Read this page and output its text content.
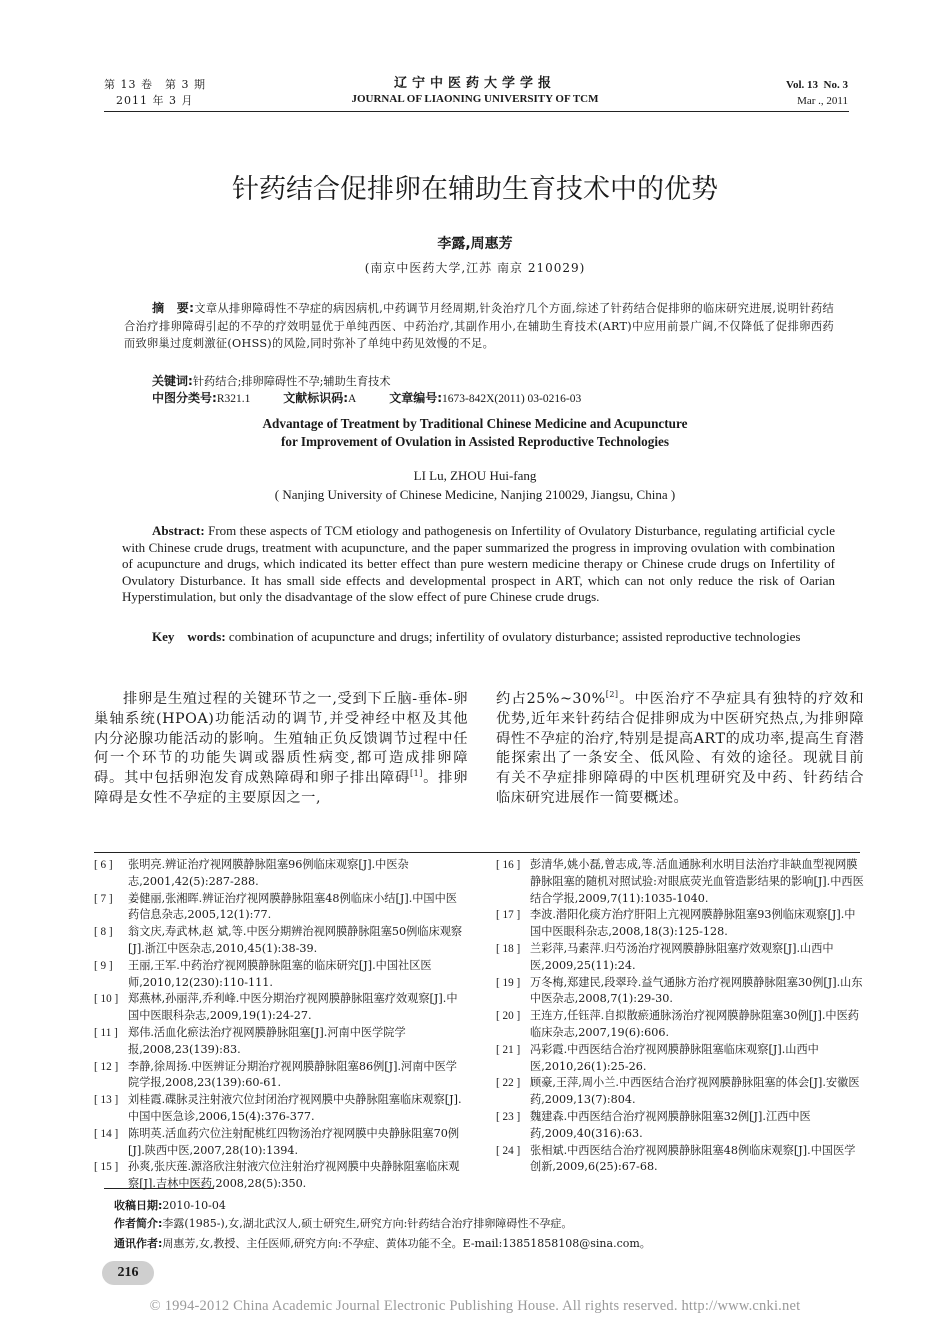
第 13 卷　第 3 期
2011 年 3 月
辽宁中医药大学学报
JOURNAL OF LIAONING UNIVERSITY OF TCM
Vol. 13 No. 3
Mar ., 2011
针药结合促排卵在辅助生育技术中的优势
李露,周惠芳
(南京中医药大学,江苏 南京 210029)
摘　要:文章从排卵障碍性不孕症的病因病机,中药调节月经周期,针灸治疗几个方面,综述了针药结合促排卵的临床研究进展,说明针药结合治疗排卵障碍引起的不孕的疗效明显优于单纯西医、中药治疗,其副作用小,在辅助生育技术(ART)中应用前景广阔,不仅降低了促排卵西药而致卵巢过度刺激征(OHSS)的风险,同时弥补了单纯中药见效慢的不足。
关键词:针药结合;排卵障碍性不孕;辅助生育技术
中图分类号:R321.1	文献标识码:A	文章编号:1673-842X(2011) 03-0216-03
Advantage of Treatment by Traditional Chinese Medicine and Acupuncture
for Improvement of Ovulation in Assisted Reproductive Technologies
LI Lu, ZHOU Hui-fang
( Nanjing University of Chinese Medicine, Nanjing 210029, Jiangsu, China )
Abstract: From these aspects of TCM etiology and pathogenesis on Infertility of Ovulatory Disturbance, regulating artificial cycle with Chinese crude drugs, treatment with acupuncture, and the paper summarized the progress in improving ovulation with combination of acupuncture and drugs, which indicated its better effect than pure western medicine therapy or Chinese crude drugs on Infertility of Ovulatory Disturbance. It has small side effects and developmental prospect in ART, which can not only reduce the risk of Oarian Hyperstimulation, but only the disadvantage of the slow effect of pure Chinese crude drugs.
Key　words: combination of acupuncture and drugs; infertility of ovulatory disturbance; assisted reproductive technologies
排卵是生殖过程的关键环节之一,受到下丘脑-垂体-卵巢轴系统(HPOA)功能活动的调节,并受神经中枢及其他内分泌腺功能活动的影响。生殖轴正负反馈调节过程中任何一个环节的功能失调或器质性病变,都可造成排卵障碍。其中包括卵泡发育成熟障碍和卵子排出障碍[1]。排卵障碍是女性不孕症的主要原因之一,
约占25%~30%[2]。中医治疗不孕症具有独特的疗效和优势,近年来针药结合促排卵成为中医研究热点,为排卵障碍性不孕症的治疗,特别是提高ART的成功率,提高生育潜能探索出了一条安全、低风险、有效的途径。现就目前有关不孕症排卵障碍的中医机理研究及中药、针药结合临床研究进展作一简要概述。
[ 6 ]	张明亮.辨证治疗视网膜静脉阻塞96例临床观察[J].中医杂志,2001,42(5):287-288.
[ 7 ]	姜健丽,张湘晖.辨证治疗视网膜静脉阻塞48例临床小结[J].中国中医药信息杂志,2005,12(1):77.
[ 8 ]	翁文庆,寿武林,赵 斌,等.中医分期辨治视网膜静脉阻塞50例临床观察[J].浙江中医杂志,2010,45(1):38-39.
[ 9 ]	王丽,王军.中药治疗视网膜静脉阻塞的临床研究[J].中国社区医师,2010,12(230):110-111.
[ 10 ] 郑燕林,孙丽萍,乔利峰.中医分期治疗视网膜静脉阻塞疗效观察[J].中国中医眼科杂志,2009,19(1):24-27.
[ 11 ] 郑伟.活血化瘀法治疗视网膜静脉阻塞[J].河南中医学院学报,2008,23(139):83.
[ 12 ] 李静,徐周扬.中医辨证分期治疗视网膜静脉阻塞86例[J].河南中医学院学报,2008,23(139):60-61.
[ 13 ] 刘桂霞.碟脉灵注射液穴位封闭治疗视网膜中央静脉阻塞临床观察[J].中国中医急诊,2006,15(4):376-377.
[ 14 ] 陈明英.活血药穴位注射配桃红四物汤治疗视网膜中央静脉阻塞70例[J].陕西中医,2007,28(10):1394.
[ 15 ] 孙爽,张庆莲.源洛欣注射液穴位注射治疗视网膜中央静脉阻塞临床观察[J].吉林中医药,2008,28(5):350.
[ 16 ] 彭清华,姚小磊,曾志成,等.活血通脉利水明目法治疗非缺血型视网膜静脉阻塞的随机对照试验:对眼底荧光血管造影结果的影响[J].中西医结合学报,2009,7(11):1035-1040.
[ 17 ] 李波.潜阳化痰方治疗肝阳上亢视网膜静脉阻塞93例临床观察[J].中国中医眼科杂志,2008,18(3):125-128.
[ 18 ] 兰彩萍,马素萍.归芍汤治疗视网膜静脉阻塞疗效观察[J].山西中医,2009,25(11):24.
[ 19 ] 万冬梅,郑建民,段翠玲.益气通脉方治疗视网膜静脉阻塞30例[J].山东中医杂志,2008,7(1):29-30.
[ 20 ] 王连方,任钰萍.自拟散瘀通脉汤治疗视网膜静脉阻塞30例[J].中医药临床杂志,2007,19(6):606.
[ 21 ] 冯彩霞.中西医结合治疗视网膜静脉阻塞临床观察[J].山西中医,2010,26(1):25-26.
[ 22 ] 顾豪,王萍,周小兰.中西医结合治疗视网膜静脉阻塞的体会[J].安徽医药,2009,13(7):804.
[ 23 ] 魏建森.中西医结合治疗视网膜静脉阻塞32例[J].江西中医药,2009,40(316):63.
[ 24 ] 张相斌.中西医结合治疗视网膜静脉阻塞48例临床观察[J].中国医学创新,2009,6(25):67-68.
收稿日期:2010-10-04
作者简介:李露(1985-),女,湖北武汉人,硕士研究生,研究方向:针药结合治疗排卵障碍性不孕症。
通讯作者:周惠芳,女,教授、主任医师,研究方向:不孕症、黄体功能不全。E-mail:13851858108@sina.com。
216
© 1994-2012 China Academic Journal Electronic Publishing House. All rights reserved. http://www.cnki.net
